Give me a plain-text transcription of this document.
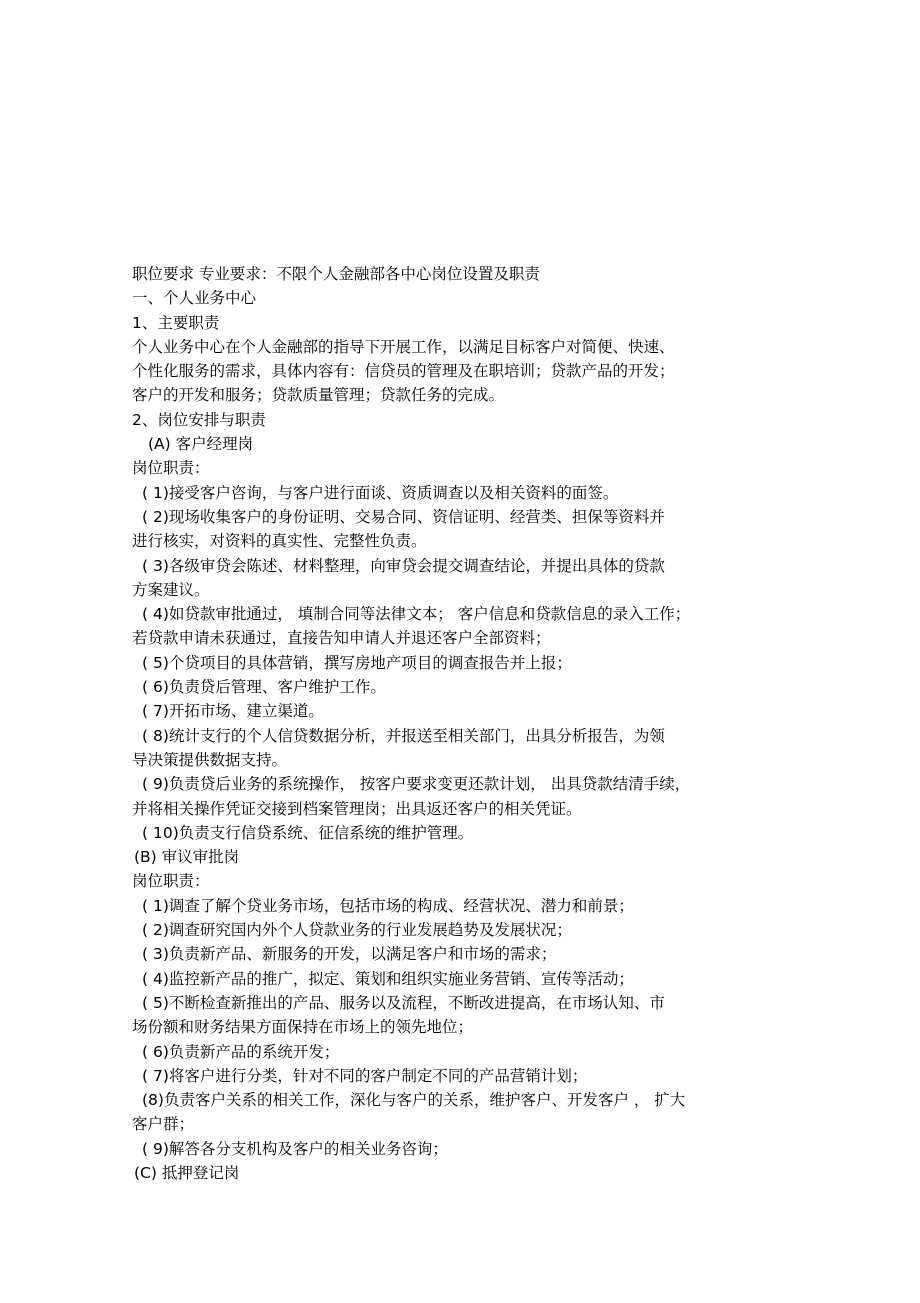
职位要求 专业要求：不限个人金融部各中心岗位设置及职责
一、个人业务中心
1、主要职责
个人业务中心在个人金融部的指导下开展工作，以满足目标客户对简便、快速、
个性化服务的需求，具体内容有：信贷员的管理及在职培训；贷款产品的开发；
客户的开发和服务；贷款质量管理；贷款任务的完成。
2、岗位安排与职责
(A) 客户经理岗
岗位职责：
( 1)接受客户咨询，与客户进行面谈、资质调查以及相关资料的面签。
( 2)现场收集客户的身份证明、交易合同、资信证明、经营类、担保等资料并
进行核实，对资料的真实性、完整性负责。
( 3)各级审贷会陈述、材料整理，向审贷会提交调查结论，并提出具体的贷款
方案建议。
( 4)如贷款审批通过， 填制合同等法律文本； 客户信息和贷款信息的录入工作；
若贷款申请未获通过，直接告知申请人并退还客户全部资料；
( 5)个贷项目的具体营销，撰写房地产项目的调查报告并上报；
( 6)负责贷后管理、客户维护工作。
( 7)开拓市场、建立渠道。
( 8)统计支行的个人信贷数据分析，并报送至相关部门，出具分析报告，为领
导决策提供数据支持。
( 9)负责贷后业务的系统操作， 按客户要求变更还款计划， 出具贷款结清手续，
并将相关操作凭证交接到档案管理岗；出具返还客户的相关凭证。
( 10)负责支行信贷系统、征信系统的维护管理。
(B) 审议审批岗
岗位职责：
( 1)调查了解个贷业务市场，包括市场的构成、经营状况、潜力和前景；
( 2)调查研究国内外个人贷款业务的行业发展趋势及发展状况；
( 3)负责新产品、新服务的开发，以满足客户和市场的需求；
( 4)监控新产品的推广，拟定、策划和组织实施业务营销、宣传等活动；
( 5)不断检查新推出的产品、服务以及流程，不断改进提高，在市场认知、市
场份额和财务结果方面保持在市场上的领先地位；
( 6)负责新产品的系统开发；
( 7)将客户进行分类，针对不同的客户制定不同的产品营销计划；
(8)负责客户关系的相关工作，深化与客户的关系，维护客户、开发客户 ， 扩大
客户群；
( 9)解答各分支机构及客户的相关业务咨询；
(C) 抵押登记岗
